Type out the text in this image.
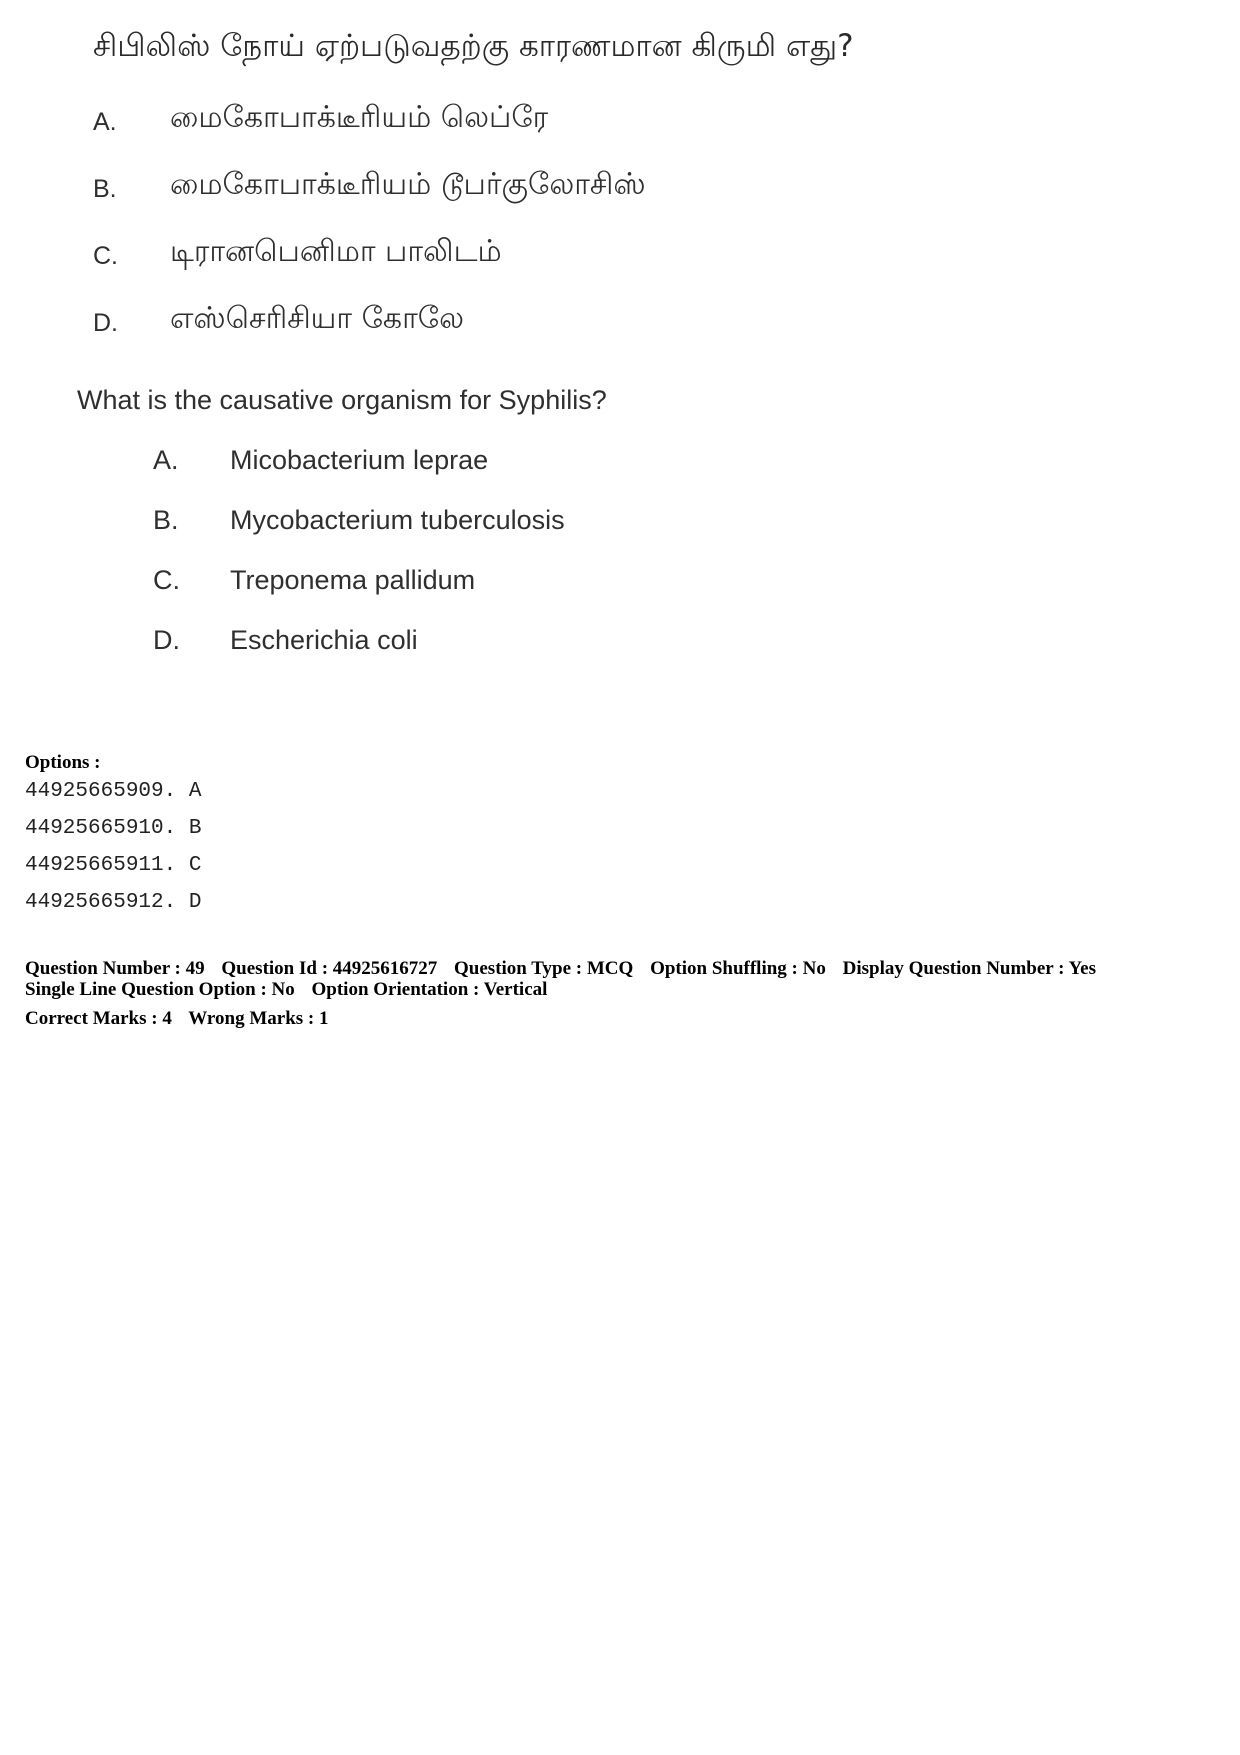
சிபிலிஸ் நோய் ஏற்படுவதற்கு காரணமான கிருமி எது?
A. மைகோபாக்டீரியம் லெப்ரே
B. மைகோபாக்டீரியம் டூபர்குலோசிஸ்
C. டிரானபெனிமா பாலிடம்
D. எஸ்செரிசியா கோலே
What is the causative organism for Syphilis?
A. Micobacterium leprae
B. Mycobacterium tuberculosis
C. Treponema pallidum
D. Escherichia coli
Options :
44925665909. A
44925665910. B
44925665911. C
44925665912. D
Question Number : 49 Question Id : 44925616727 Question Type : MCQ Option Shuffling : No Display Question Number : Yes
Single Line Question Option : No Option Orientation : Vertical
Correct Marks : 4 Wrong Marks : 1
